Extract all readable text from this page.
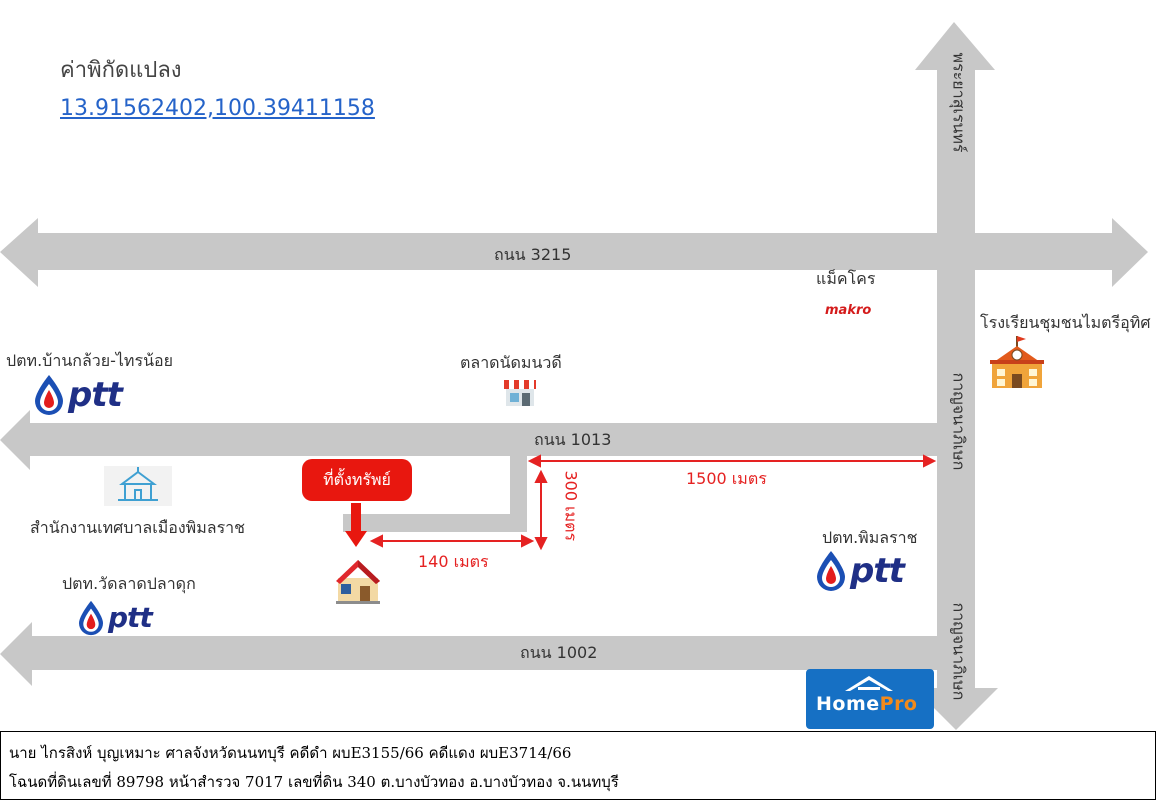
ค่าพิกัดแปลง
13.91562402,100.39411158
ถนน 3215
ถนน 1013
ถนน 1002
พระยาสุเรนทร์
กาญจนาภิเษก
กาญจนาภิเษก
1500 เมตร
140 เมตร
300 เมตร
แม็คโคร
makro
โรงเรียนชุมชนไมตรีอุทิศ
ปตท.บ้านกล้วย-ไทรน้อย
ptt
ตลาดนัดมนวดี
สำนักงานเทศบาลเมืองพิมลราช
ที่ตั้งทรัพย์
ปตท.วัดลาดปลาดุก
ptt
ปตท.พิมลราช
ptt
HomePro
นาย ไกรสิงห์ บุญเหมาะ ศาลจังหวัดนนทบุรี คดีดำ ผบE3155/66 คดีแดง ผบE3714/66
โฉนดที่ดินเลขที่ 89798 หน้าสำรวจ 7017 เลขที่ดิน 340 ต.บางบัวทอง อ.บางบัวทอง จ.นนทบุรี
